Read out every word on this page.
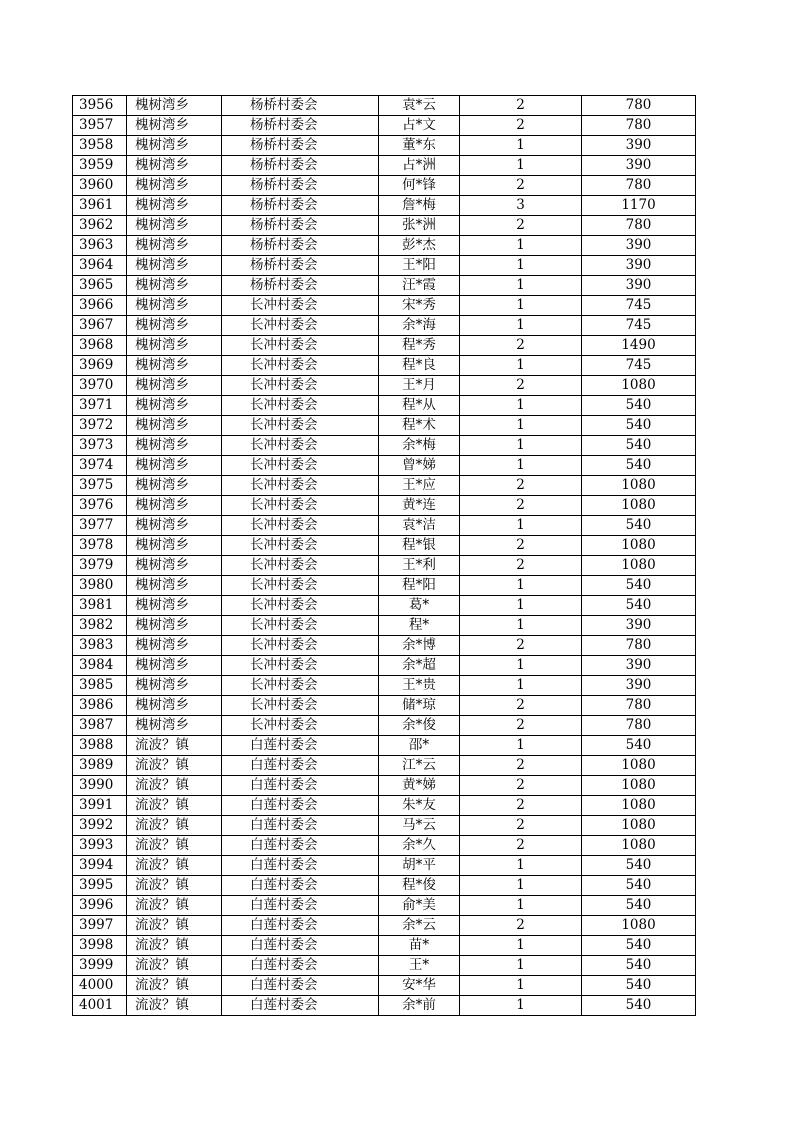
3956	槐树湾乡	杨桥村委会	袁*云	2	780
3957	槐树湾乡	杨桥村委会	占*文	2	780
3958	槐树湾乡	杨桥村委会	董*东	1	390
3959	槐树湾乡	杨桥村委会	占*洲	1	390
3960	槐树湾乡	杨桥村委会	何*锋	2	780
3961	槐树湾乡	杨桥村委会	詹*梅	3	1170
3962	槐树湾乡	杨桥村委会	张*洲	2	780
3963	槐树湾乡	杨桥村委会	彭*杰	1	390
3964	槐树湾乡	杨桥村委会	王*阳	1	390
3965	槐树湾乡	杨桥村委会	汪*霞	1	390
3966	槐树湾乡	长冲村委会	宋*秀	1	745
3967	槐树湾乡	长冲村委会	余*海	1	745
3968	槐树湾乡	长冲村委会	程*秀	2	1490
3969	槐树湾乡	长冲村委会	程*良	1	745
3970	槐树湾乡	长冲村委会	王*月	2	1080
3971	槐树湾乡	长冲村委会	程*从	1	540
3972	槐树湾乡	长冲村委会	程*术	1	540
3973	槐树湾乡	长冲村委会	余*梅	1	540
3974	槐树湾乡	长冲村委会	曾*娣	1	540
3975	槐树湾乡	长冲村委会	王*应	2	1080
3976	槐树湾乡	长冲村委会	黄*连	2	1080
3977	槐树湾乡	长冲村委会	袁*洁	1	540
3978	槐树湾乡	长冲村委会	程*银	2	1080
3979	槐树湾乡	长冲村委会	王*利	2	1080
3980	槐树湾乡	长冲村委会	程*阳	1	540
3981	槐树湾乡	长冲村委会	葛*	1	540
3982	槐树湾乡	长冲村委会	程*	1	390
3983	槐树湾乡	长冲村委会	余*博	2	780
3984	槐树湾乡	长冲村委会	余*超	1	390
3985	槐树湾乡	长冲村委会	王*贵	1	390
3986	槐树湾乡	长冲村委会	储*琼	2	780
3987	槐树湾乡	长冲村委会	余*俊	2	780
3988	流波？镇	白莲村委会	邵*	1	540
3989	流波？镇	白莲村委会	江*云	2	1080
3990	流波？镇	白莲村委会	黄*娣	2	1080
3991	流波？镇	白莲村委会	朱*友	2	1080
3992	流波？镇	白莲村委会	马*云	2	1080
3993	流波？镇	白莲村委会	余*久	2	1080
3994	流波？镇	白莲村委会	胡*平	1	540
3995	流波？镇	白莲村委会	程*俊	1	540
3996	流波？镇	白莲村委会	俞*美	1	540
3997	流波？镇	白莲村委会	余*云	2	1080
3998	流波？镇	白莲村委会	苗*	1	540
3999	流波？镇	白莲村委会	王*	1	540
4000	流波？镇	白莲村委会	安*华	1	540
4001	流波？镇	白莲村委会	余*前	1	540
